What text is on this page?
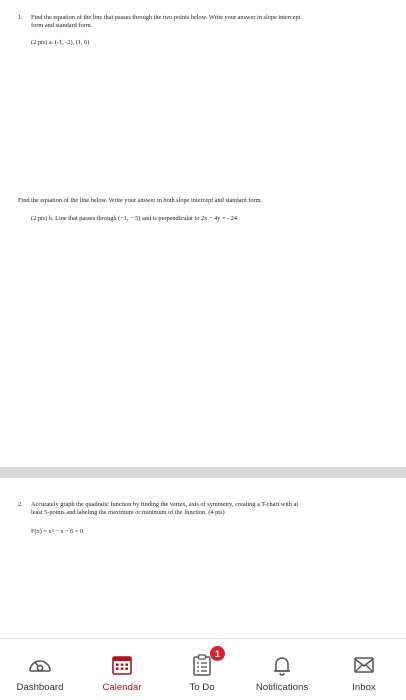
1. Find the equation of the line that passes through the two points below. Write your answer in slope intercept
form and standard form.
(2 pts) a. (-1, -2), (1, 6)
Find the equation of the line below. Write your answer in both slope intercept and standard form.
(2 pts) b. Line that passes through (−1, − 5) and is perpendicular to 2x − 4y = - 24
2. Accurately graph the quadratic function by finding the vertex, axis of symmetry, creating a T-chart with at
least 5-points and labeling the maximum or minimum of the function. (4 pts)
F(x) = x² − x − 6 = 0
Dashboard	Calendar
1
To Do	Notifications	Inbox
